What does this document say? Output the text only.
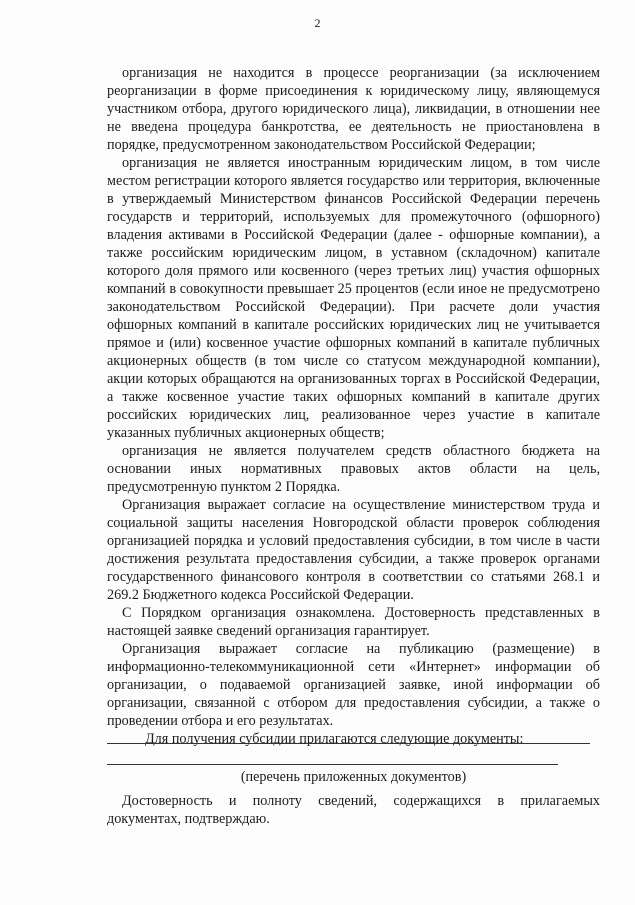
2

организация не находится в процессе реорганизации (за исключением реорганизации в форме присоединения к юридическому лицу, являющемуся участником отбора, другого юридического лица), ликвидации, в отношении нее не введена процедура банкротства, ее деятельность не приостановлена в порядке, предусмотренном законодательством Российской Федерации;

организация не является иностранным юридическим лицом, в том числе местом регистрации которого является государство или территория, включенные в утверждаемый Министерством финансов Российской Федерации перечень государств и территорий, используемых для промежуточного (офшорного) владения активами в Российской Федерации (далее - офшорные компании), а также российским юридическим лицом, в уставном (складочном) капитале которого доля прямого или косвенного (через третьих лиц) участия офшорных компаний в совокупности превышает 25 процентов (если иное не предусмотрено законодательством Российской Федерации). При расчете доли участия офшорных компаний в капитале российских юридических лиц не учитывается прямое и (или) косвенное участие офшорных компаний в капитале публичных акционерных обществ (в том числе со статусом международной компании), акции которых обращаются на организованных торгах в Российской Федерации, а также косвенное участие таких офшорных компаний в капитале других российских юридических лиц, реализованное через участие в капитале указанных публичных акционерных обществ;

организация не является получателем средств областного бюджета на основании иных нормативных правовых актов области на цель, предусмотренную пунктом 2 Порядка.

Организация выражает согласие на осуществление министерством труда и социальной защиты населения Новгородской области проверок соблюдения организацией порядка и условий предоставления субсидии, в том числе в части достижения результата предоставления субсидии, а также проверок органами государственного финансового контроля в соответствии со статьями 268.1 и 269.2 Бюджетного кодекса Российской Федерации.

С Порядком организация ознакомлена. Достоверность представленных в настоящей заявке сведений организация гарантирует.

Организация выражает согласие на публикацию (размещение) в информационно-телекоммуникационной сети «Интернет» информации об организации, о подаваемой организацией заявке, иной информации об организации, связанной с отбором для предоставления субсидии, а также о проведении отбора и его результатах.

Для получения субсидии прилагаются следующие документы:

(перечень приложенных документов)

Достоверность и полноту сведений, содержащихся в прилагаемых документах, подтверждаю.
